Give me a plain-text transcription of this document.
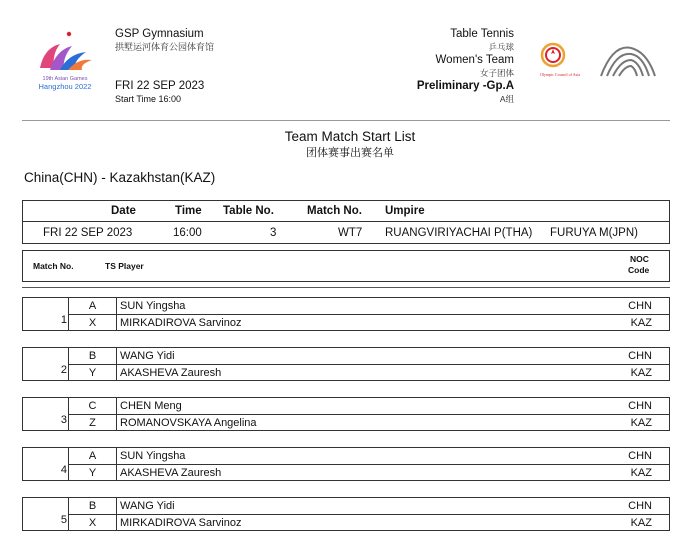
19th Asian Games
Hangzhou 2022
GSP Gymnasium
拱墅运河体育公园体育馆
FRI 22 SEP 2023
Start Time 16:00
Table Tennis
乒乓球
Women's Team
女子团体
Preliminary -Gp.A
A组
Olympic Council of Asia
Team Match Start List
团体赛事出赛名单
China(CHN) - Kazakhstan(KAZ)
Date	Time Table No.	Match No. Umpire
FRI 22 SEP 2023	16:00	3	WT7 RUANGVIRIYACHAI P(THA) FURUYA M(JPN)
Match No.	TS Player
NOC
Code
1
A	SUN Yingsha	CHN
X	MIRKADIROVA Sarvinoz	KAZ
2
B	WANG Yidi	CHN
Y	AKASHEVA Zauresh	KAZ
3
C	CHEN Meng	CHN
Z	ROMANOVSKAYA Angelina	KAZ
4
A	SUN Yingsha	CHN
Y	AKASHEVA Zauresh	KAZ
5
B	WANG Yidi	CHN
X	MIRKADIROVA Sarvinoz	KAZ
